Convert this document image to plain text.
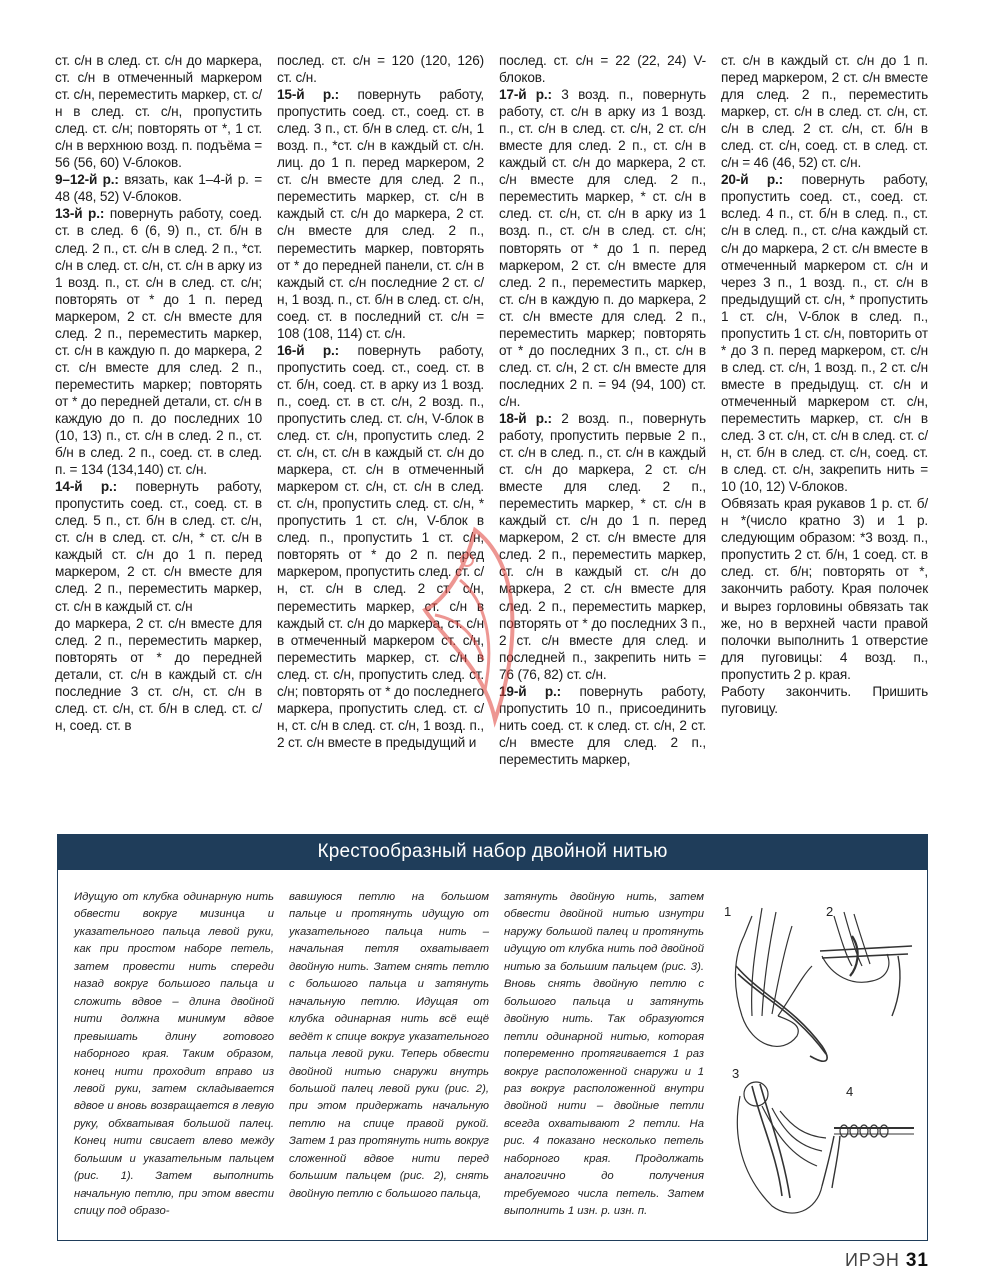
ст. с/н в след. ст. с/н до маркера, ст. с/н в отмеченный маркером ст. с/н, переместить маркер, ст. с/н в след. ст. с/н, пропустить след. ст. с/н; повторять от *, 1 ст. с/н в верхнюю возд. п. подъёма = 56 (56, 60) V-блоков.

9–12-й р.: вязать, как 1–4-й р. = 48 (48, 52) V-блоков.

13-й р.: повернуть работу, соед. ст. в след. 6 (6, 9) п., ст. б/н в след. 2 п., ст. с/н в след. 2 п., *ст. с/н в след. ст. с/н, ст. с/н в арку из 1 возд. п., ст. с/н в след. ст. с/н; повторять от * до 1 п. перед маркером, 2 ст. с/н вместе для след. 2 п., переместить маркер, ст. с/н в каждую п. до маркера, 2 ст. с/н вместе для след. 2 п., переместить маркер; повторять от * до передней детали, ст. с/н в каждую до п. до последних 10 (10, 13) п., ст. с/н в след. 2 п., ст. б/н в след. 2 п., соед. ст. в след. п. = 134 (134,140) ст. с/н.

14-й р.: повернуть работу, пропустить соед. ст., соед. ст. в след. 5 п., ст. б/н в след. ст. с/н, ст. с/н в след. ст. с/н, * ст. с/н в каждый ст. с/н до 1 п. перед маркером, 2 ст. с/н вместе для след. 2 п., переместить маркер, ст. с/н в каждый ст. с/н

до маркера, 2 ст. с/н вместе для след. 2 п., переместить маркер, повторять от * до передней детали, ст. с/н в каждый ст. с/н последние 3 ст. с/н, ст. с/н в след. ст. с/н, ст. б/н в след. ст. с/н, соед. ст. в

послед. ст. с/н = 120 (120, 126) ст. с/н.

15-й р.: повернуть работу, пропустить соед. ст., соед. ст. в след. 3 п., ст. б/н в след. ст. с/н, 1 возд. п., *ст. с/н в каждый ст. с/н. лиц. до 1 п. перед маркером, 2 ст. с/н вместе для след. 2 п., переместить маркер, ст. с/н в каждый ст. с/н до маркера, 2 ст. с/н вместе для след. 2 п., переместить маркер, повторять от * до передней панели, ст. с/н в каждый ст. с/н последние 2 ст. с/н, 1 возд. п., ст. б/н в след. ст. с/н, соед. ст. в последний ст. с/н = 108 (108, 114) ст. с/н.

16-й р.: повернуть работу, пропустить соед. ст., соед. ст. в ст. б/н, соед. ст. в арку из 1 возд. п., соед. ст. в ст. с/н, 2 возд. п., пропустить след. ст. с/н, V-блок в след. ст. с/н, пропустить след. 2 ст. с/н, ст. с/н в каждый ст. с/н до маркера, ст. с/н в отмеченный маркером ст. с/н, ст. с/н в след. ст. с/н, пропустить след. ст. с/н, * пропустить 1 ст. с/н, V-блок в след. п., пропустить 1 ст. с/н, повторять от * до 2 п. перед маркером, пропустить след. ст. с/н, ст. с/н в след. 2 ст. с/н, переместить маркер, ст. с/н в каждый ст. с/н до маркера, ст. с/н в отмеченный маркером ст. с/н, переместить маркер, ст. с/н в след. ст. с/н, пропустить след. ст. с/н; повторять от * до последнего маркера, пропустить след. ст. с/н, ст. с/н в след. ст. с/н, 1 возд. п., 2 ст. с/н вместе в предыдущий и

послед. ст. с/н = 22 (22, 24) V-блоков.

17-й р.: 3 возд. п., повернуть работу, ст. с/н в арку из 1 возд. п., ст. с/н в след. ст. с/н, 2 ст. с/н вместе для след. 2 п., ст. с/н в каждый ст. с/н до маркера, 2 ст. с/н вместе для след. 2 п., переместить маркер, * ст. с/н в след. ст. с/н, ст. с/н в арку из 1 возд. п., ст. с/н в след. ст. с/н; повторять от * до 1 п. перед маркером, 2 ст. с/н вместе для след. 2 п., переместить маркер, ст. с/н в каждую п. до маркера, 2 ст. с/н вместе для след. 2 п., переместить маркер; повторять от * до последних 3 п., ст. с/н в след. ст. с/н, 2 ст. с/н вместе для последних 2 п. = 94 (94, 100) ст. с/н.

18-й р.: 2 возд. п., повернуть работу, пропустить первые 2 п., ст. с/н в след. п., ст. с/н в каждый ст. с/н до маркера, 2 ст. с/н вместе для след. 2 п., переместить маркер, * ст. с/н в каждый ст. с/н до 1 п. перед маркером, 2 ст. с/н вместе для след. 2 п., переместить маркер, ст. с/н в каждый ст. с/н до маркера, 2 ст. с/н вместе для след. 2 п., переместить маркер, повторять от * до последних 3 п., 2 ст. с/н вместе для след. и последней п., закрепить нить = 76 (76, 82) ст. с/н.

19-й р.: повернуть работу, пропустить 10 п., присоединить нить соед. ст. к след. ст. с/н, 2 ст. с/н вместе для след. 2 п., переместить маркер,

ст. с/н в каждый ст. с/н до 1 п. перед маркером, 2 ст. с/н вместе для след. 2 п., переместить маркер, ст. с/н в след. ст. с/н, ст. с/н в след. 2 ст. с/н, ст. б/н в след. ст. с/н, соед. ст. в след. ст. с/н = 46 (46, 52) ст. с/н.

20-й р.: повернуть работу, пропустить соед. ст., соед. ст. вслед. 4 п., ст. б/н в след. п., ст. с/н в след. п., ст. с/на каждый ст. с/н до маркера, 2 ст. с/н вместе в отмеченный маркером ст. с/н и через 3 п., 1 возд. п., ст. с/н в предыдущий ст. с/н, * пропустить 1 ст. с/н, V-блок в след. п., пропустить 1 ст. с/н, повторить от * до 3 п. перед маркером, ст. с/н в след. ст. с/н, 1 возд. п., 2 ст. с/н вместе в предыдущ. ст. с/н и отмеченный маркером ст. с/н, переместить маркер, ст. с/н в след. 3 ст. с/н, ст. с/н в след. ст. с/н, ст. б/н в след. ст. с/н, соед. ст. в след. ст. с/н, закрепить нить = 10 (10, 12) V-блоков.

Обвязать края рукавов 1 р. ст. б/н *(число кратно 3) и 1 р. следующим образом: *3 возд. п., пропустить 2 ст. б/н, 1 соед. ст. в след. ст. б/н; повторять от *, закончить работу. Края полочек и вырез горловины обвязать так же, но в верхней части правой полочки выполнить 1 отверстие для пуговицы: 4 возд. п., пропустить 2 р. края.

Работу закончить. Пришить пуговицу.

Крестообразный набор двойной нитью
Идущую от клубка одинарную нить обвести вокруг мизинца и указательного пальца левой руки, как при простом наборе петель, затем провести нить спереди назад вокруг большого пальца и сложить вдвое – длина двойной нити должна минимум вдвое превышать длину готового наборного края. Таким образом, конец нити проходит вправо из левой руки, затем складывается вдвое и вновь возвращается в левую руку, обхватывая большой палец. Конец нити свисает влево между большим и указательным пальцем (рис. 1). Затем выполнить начальную петлю, при этом ввести спицу под образо-
вавшуюся петлю на большом пальце и протянуть идущую от указательного пальца нить – начальная петля охватывает двойную нить. Затем снять петлю с большого пальца и затянуть начальную петлю. Идущая от клубка одинарная нить всё ещё ведёт к спице вокруг указательного пальца левой руки. Теперь обвести двойной нитью снаружи внутрь большой палец левой руки (рис. 2), при этом придержать начальную петлю на спице правой рукой. Затем 1 раз протянуть нить вокруг сложенной вдвое нити перед большим пальцем (рис. 2), снять двойную петлю с большого пальца,
затянуть двойную нить, затем обвести двойной нитью изнутри наружу большой палец и протянуть идущую от клубка нить под двойной нитью за большим пальцем (рис. 3). Вновь снять двойную петлю с большого пальца и затянуть двойную нить. Так образуются петли одинарной нитью, которая попеременно протягивается 1 раз вокруг расположенной снаружи и 1 раз вокруг расположенной внутри двойной нити – двойные петли всегда охватывают 2 петли. На рис. 4 показано несколько петель наборного края. Продолжать аналогично до получения требуемого числа петель. Затем выполнить 1 изн. р. изн. п.
1	2
3
4
ИРЭН 31
